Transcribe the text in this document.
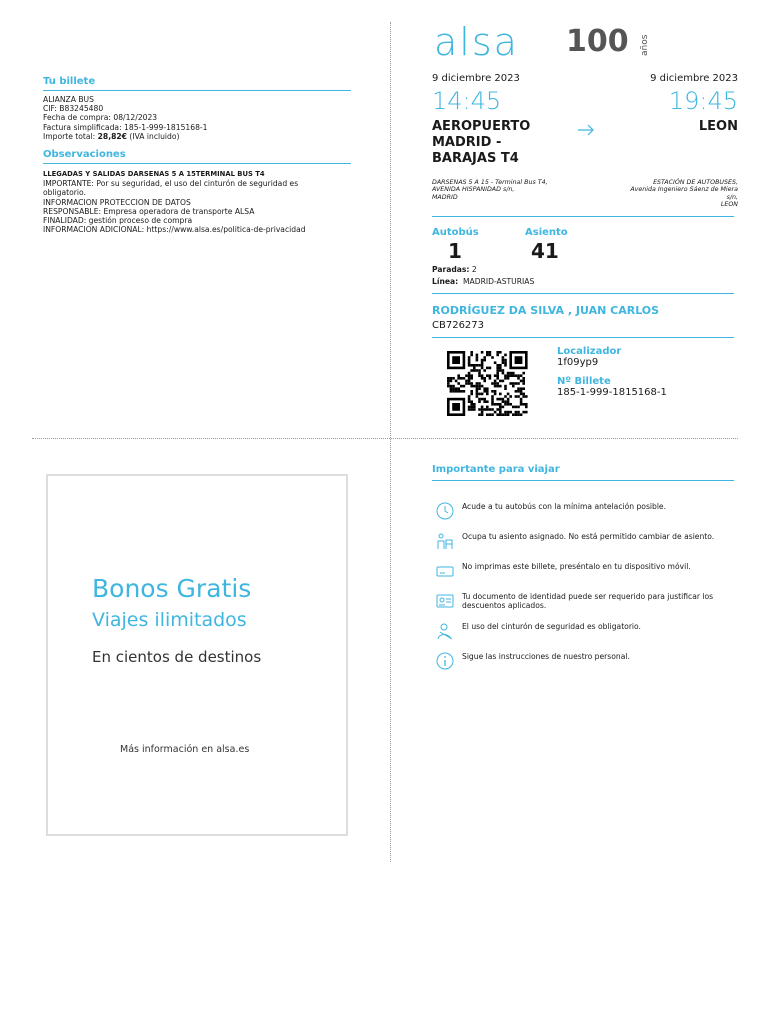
Tu billete
ALIANZA BUS
CIF: B83245480
Fecha de compra: 08/12/2023
Factura simplificada: 185-1-999-1815168-1
Importe total: 28,82€ (IVA incluido)
Observaciones
LLEGADAS Y SALIDAS DARSENAS 5 A 15TERMINAL BUS T4
IMPORTANTE: Por su seguridad, el uso del cinturón de seguridad es
obligatorio.
INFORMACION PROTECCION DE DATOS
RESPONSABLE: Empresa operadora de transporte ALSA
FINALIDAD: gestión proceso de compra
INFORMACION ADICIONAL: https://www.alsa.es/politica-de-privacidad
alsa 100 años
9 diciembre 2023	9 diciembre 2023
14:45	19:45
AEROPUERTO
MADRID -
BARAJAS T4
LEON
DARSENAS 5 A 15 - Terminal Bus T4,
AVENIDA HISPANIDAD s/n,
MADRID
ESTACIÓN DE AUTOBUSES,
Avenida Ingeniero Sáenz de Miera
s/n,
LEON
Autobús
1
Asiento
41
Paradas: 2
Línea: MADRID-ASTURIAS
RODRÍGUEZ DA SILVA , JUAN CARLOS
CB726273
Localizador
1f09yp9
Nº Billete
185-1-999-1815168-1
Bonos Gratis
Viajes ilimitados
En cientos de destinos
Más información en alsa.es
Importante para viajar
Acude a tu autobús con la mínima antelación posible.
Ocupa tu asiento asignado. No está permitido cambiar de asiento.
No imprimas este billete, preséntalo en tu dispositivo móvil.
Tu documento de identidad puede ser requerido para justificar los descuentos aplicados.
El uso del cinturón de seguridad es obligatorio.
Sigue las instrucciones de nuestro personal.
